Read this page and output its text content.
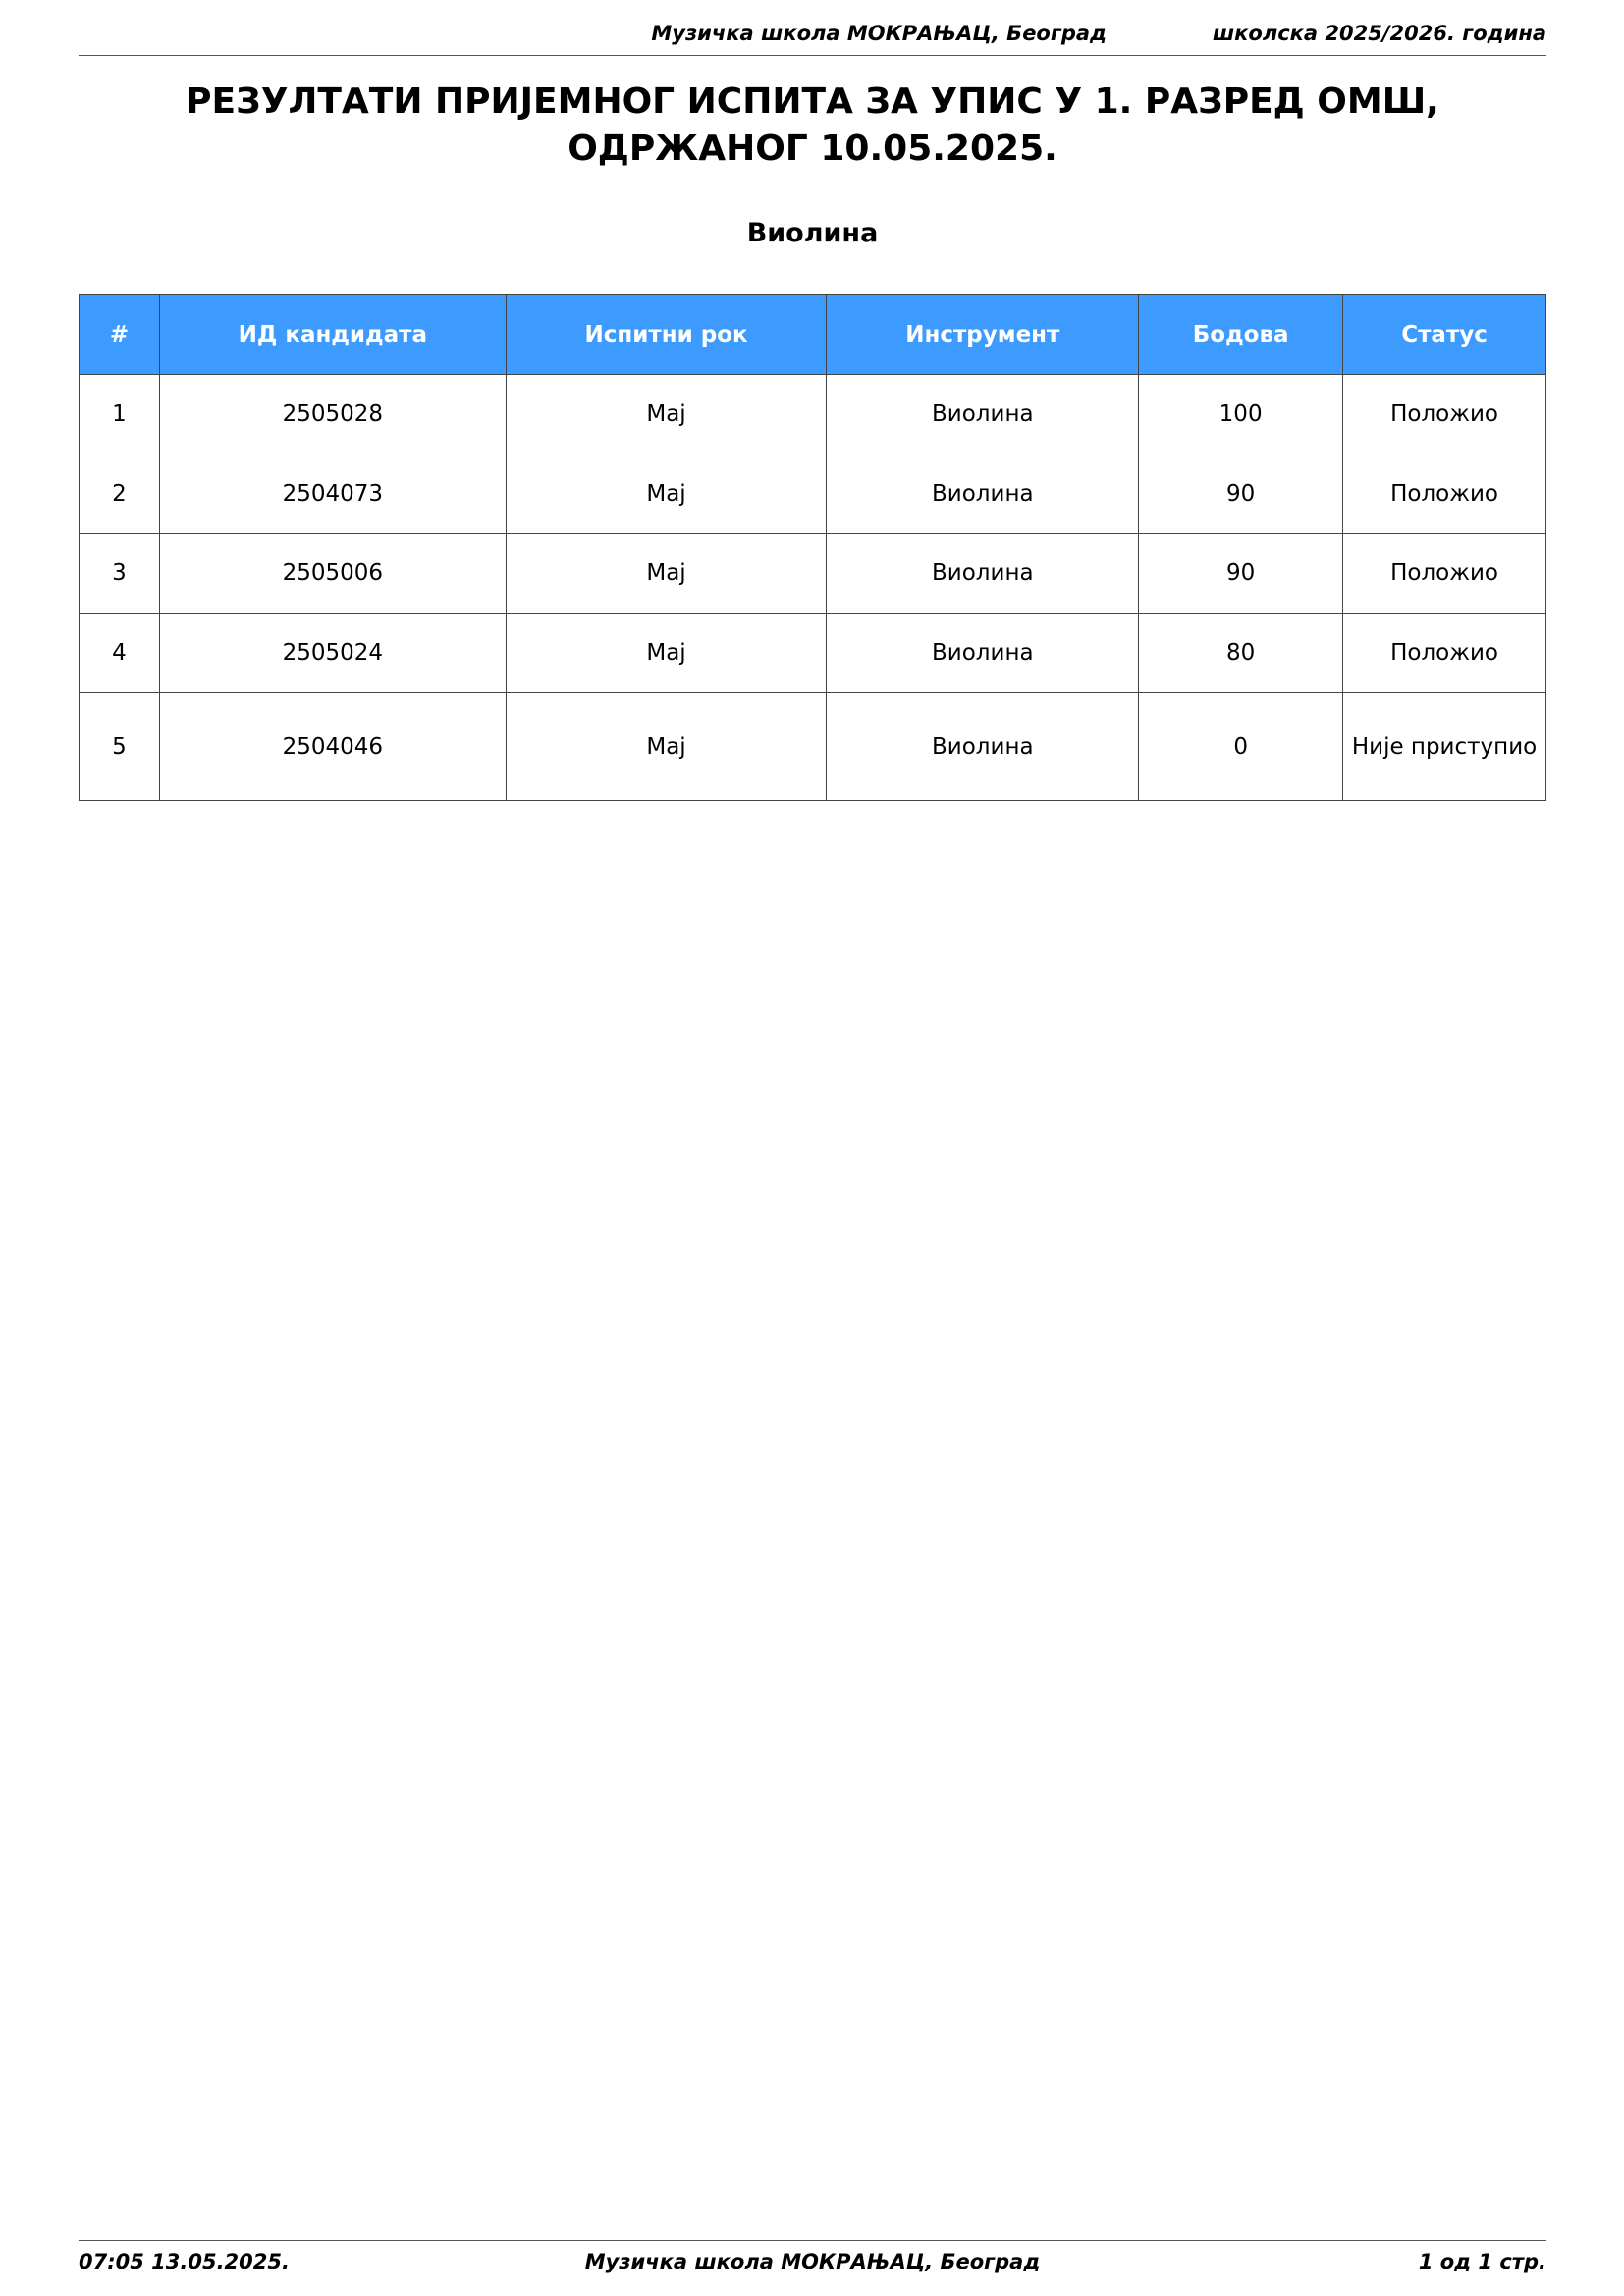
Музичка школа МОКРАЊАЦ, Београд	школска 2025/2026. година
РЕЗУЛТАТИ ПРИЈЕМНОГ ИСПИТА ЗА УПИС У 1. РАЗРЕД ОМШ, ОДРЖАНОГ 10.05.2025.
Виолина
#	ИД кандидата	Испитни рок	Инструмент	Бодова	Статус
1	2505028	Мај	Виолина	100	Положио
2	2504073	Мај	Виолина	90	Положио
3	2505006	Мај	Виолина	90	Положио
4	2505024	Мај	Виолина	80	Положио
5	2504046	Мај	Виолина	0	Није приступио
07:05 13.05.2025.	Музичка школа МОКРАЊАЦ, Београд	1 од 1 стр.
